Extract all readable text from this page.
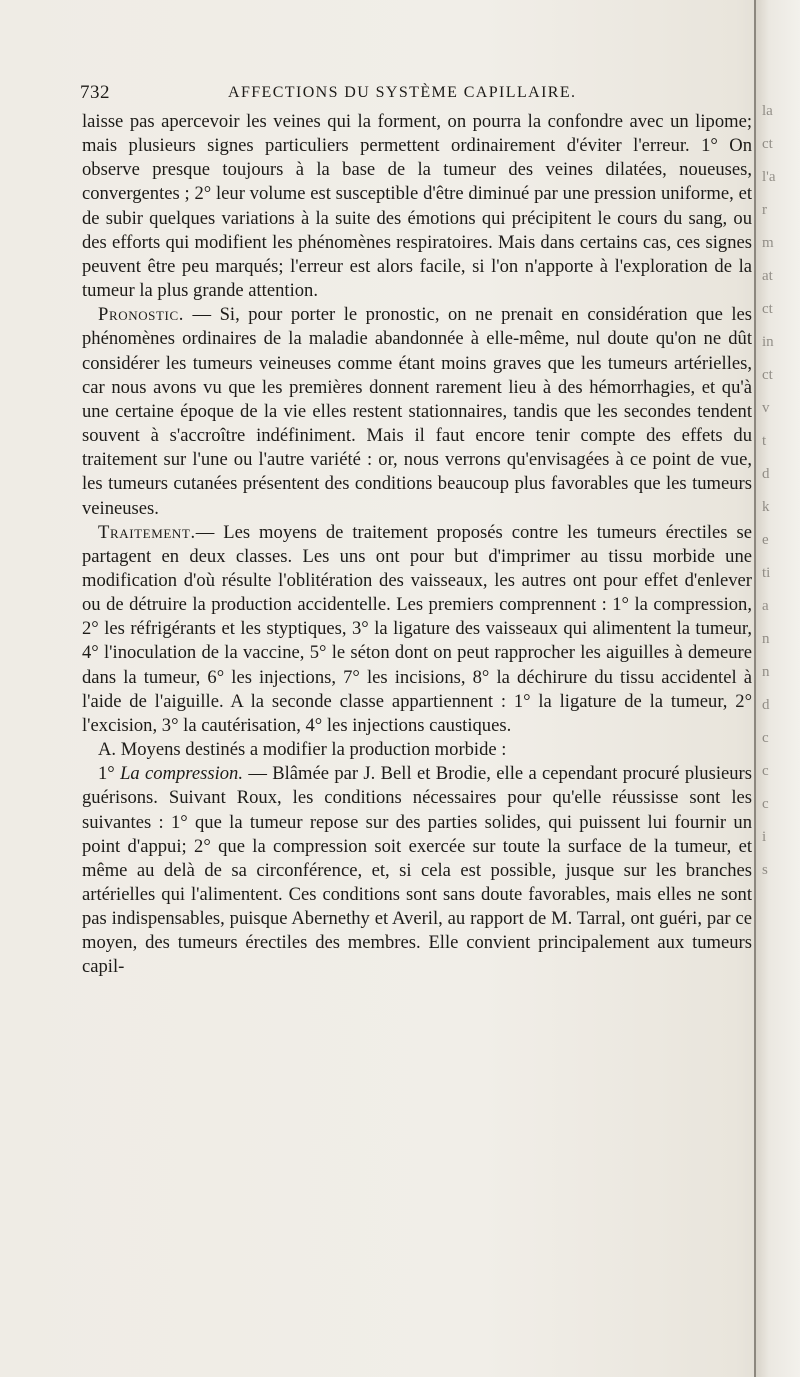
732	AFFECTIONS DU SYSTÈME CAPILLAIRE.

laisse pas apercevoir les veines qui la forment, on pourra la confondre avec un lipome; mais plusieurs signes particuliers permettent ordinairement d'éviter l'erreur. 1° On observe presque toujours à la base de la tumeur des veines dilatées, noueuses, convergentes ; 2° leur volume est susceptible d'être diminué par une pression uniforme, et de subir quelques variations à la suite des émotions qui précipitent le cours du sang, ou des efforts qui modifient les phénomènes respiratoires. Mais dans certains cas, ces signes peuvent être peu marqués; l'erreur est alors facile, si l'on n'apporte à l'exploration de la tumeur la plus grande attention.

Pronostic. — Si, pour porter le pronostic, on ne prenait en considération que les phénomènes ordinaires de la maladie abandonnée à elle-même, nul doute qu'on ne dût considérer les tumeurs veineuses comme étant moins graves que les tumeurs artérielles, car nous avons vu que les premières donnent rarement lieu à des hémorrhagies, et qu'à une certaine époque de la vie elles restent stationnaires, tandis que les secondes tendent souvent à s'accroître indéfiniment. Mais il faut encore tenir compte des effets du traitement sur l'une ou l'autre variété : or, nous verrons qu'envisagées à ce point de vue, les tumeurs cutanées présentent des conditions beaucoup plus favorables que les tumeurs veineuses.

Traitement.— Les moyens de traitement proposés contre les tumeurs érectiles se partagent en deux classes. Les uns ont pour but d'imprimer au tissu morbide une modification d'où résulte l'oblitération des vaisseaux, les autres ont pour effet d'enlever ou de détruire la production accidentelle. Les premiers comprennent : 1° la compression, 2° les réfrigérants et les styptiques, 3° la ligature des vaisseaux qui alimentent la tumeur, 4° l'inoculation de la vaccine, 5° le séton dont on peut rapprocher les aiguilles à demeure dans la tumeur, 6° les injections, 7° les incisions, 8° la déchirure du tissu accidentel à l'aide de l'aiguille. A la seconde classe appartiennent : 1° la ligature de la tumeur, 2° l'excision, 3° la cautérisation, 4° les injections caustiques.

A. Moyens destinés a modifier la production morbide :

1° La compression. — Blâmée par J. Bell et Brodie, elle a cependant procuré plusieurs guérisons. Suivant Roux, les conditions nécessaires pour qu'elle réussisse sont les suivantes : 1° que la tumeur repose sur des parties solides, qui puissent lui fournir un point d'appui; 2° que la compression soit exercée sur toute la surface de la tumeur, et même au delà de sa circonférence, et, si cela est possible, jusque sur les branches artérielles qui l'alimentent. Ces conditions sont sans doute favorables, mais elles ne sont pas indispensables, puisque Abernethy et Averil, au rapport de M. Tarral, ont guéri, par ce moyen, des tumeurs érectiles des membres. Elle convient principalement aux tumeurs capil-

la
ct
l'a
r
m
at
ct
in
ct
v
t
d
k
e
ti
a
n
n
d
c
c
c
i
s
